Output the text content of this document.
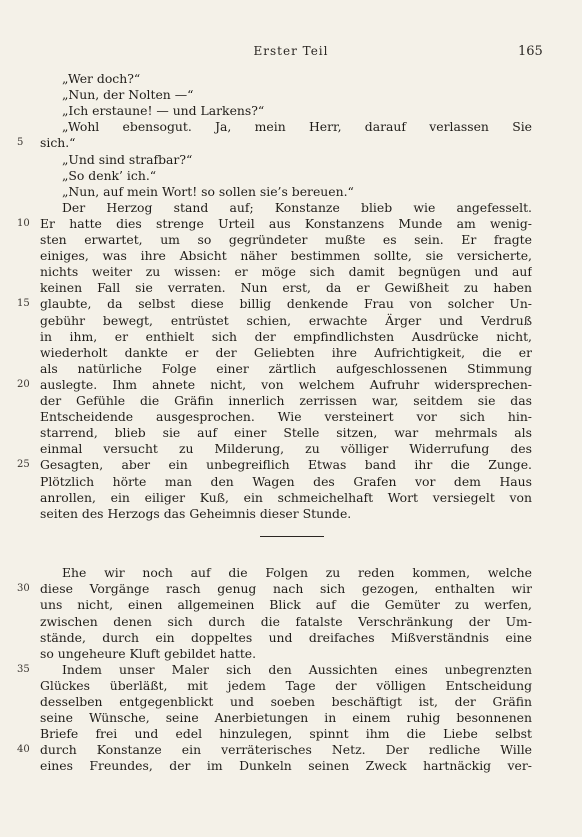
Erster Teil	165
„Wer doch?“
„Nun, der Nolten —“
„Ich erstaune! — und Larkens?“
„Wohl ebensogut. Ja, mein Herr, darauf verlassen Sie
sich.“
„Und sind strafbar?“
„So denk’ ich.“
„Nun, auf mein Wort! so sollen sie’s bereuen.“
Der Herzog stand auf; Konstanze blieb wie angefesselt.
Er hatte dies strenge Urteil aus Konstanzens Munde am wenig-
sten erwartet, um so gegründeter mußte es sein. Er fragte
einiges, was ihre Absicht näher bestimmen sollte, sie versicherte,
nichts weiter zu wissen: er möge sich damit begnügen und auf
keinen Fall sie verraten. Nun erst, da er Gewißheit zu haben
glaubte, da selbst diese billig denkende Frau von solcher Un-
gebühr bewegt, entrüstet schien, erwachte Ärger und Verdruß
in ihm, er enthielt sich der empfindlichsten Ausdrücke nicht,
wiederholt dankte er der Geliebten ihre Aufrichtigkeit, die er
als natürliche Folge einer zärtlich aufgeschlossenen Stimmung
auslegte. Ihm ahnete nicht, von welchem Aufruhr widersprechen-
der Gefühle die Gräfin innerlich zerrissen war, seitdem sie das
Entscheidende ausgesprochen. Wie versteinert vor sich hin-
starrend, blieb sie auf einer Stelle sitzen, war mehrmals als
einmal versucht zu Milderung, zu völliger Widerrufung des
Gesagten, aber ein unbegreiflich Etwas band ihr die Zunge.
Plötzlich hörte man den Wagen des Grafen vor dem Haus
anrollen, ein eiliger Kuß, ein schmeichelhaft Wort versiegelt von
seiten des Herzogs das Geheimnis dieser Stunde.
Ehe wir noch auf die Folgen zu reden kommen, welche
diese Vorgänge rasch genug nach sich gezogen, enthalten wir
uns nicht, einen allgemeinen Blick auf die Gemüter zu werfen,
zwischen denen sich durch die fatalste Verschränkung der Um-
stände, durch ein doppeltes und dreifaches Mißverständnis eine
so ungeheure Kluft gebildet hatte.
Indem unser Maler sich den Aussichten eines unbegrenzten
Glückes überläßt, mit jedem Tage der völligen Entscheidung
desselben entgegenblickt und soeben beschäftigt ist, der Gräfin
seine Wünsche, seine Anerbietungen in einem ruhig besonnenen
Briefe frei und edel hinzulegen, spinnt ihm die Liebe selbst
durch Konstanze ein verräterisches Netz. Der redliche Wille
eines Freundes, der im Dunkeln seinen Zweck hartnäckig ver-
5
10
15
20
25
30
35
40
